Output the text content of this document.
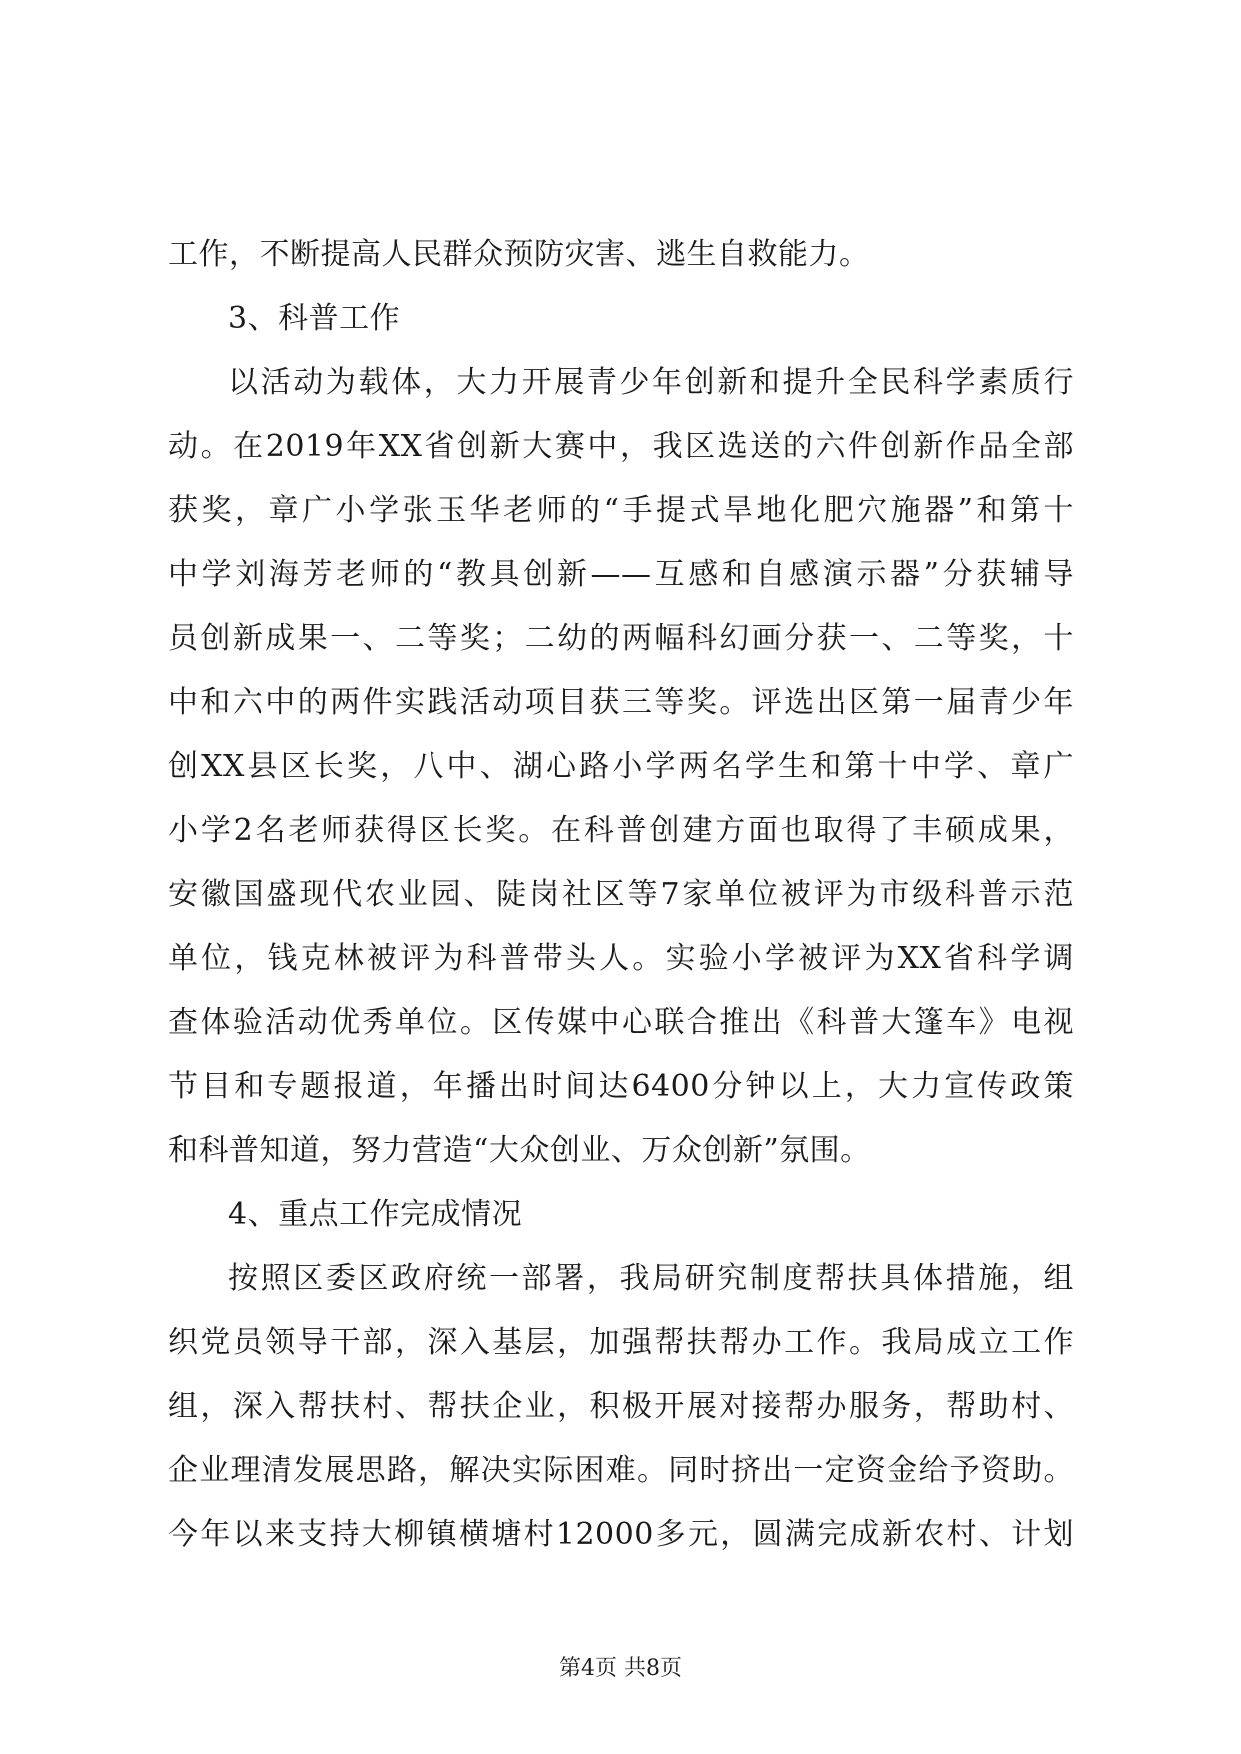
工作，不断提高人民群众预防灾害、逃生自救能力。
3、科普工作
以活动为载体，大力开展青少年创新和提升全民科学素质行
动。在2019年XX省创新大赛中，我区选送的六件创新作品全部
获奖，章广小学张玉华老师的“手提式旱地化肥穴施器”和第十
中学刘海芳老师的“教具创新——互感和自感演示器”分获辅导
员创新成果一、二等奖；二幼的两幅科幻画分获一、二等奖，十
中和六中的两件实践活动项目获三等奖。评选出区第一届青少年
创XX县区长奖，八中、湖心路小学两名学生和第十中学、章广
小学2名老师获得区长奖。在科普创建方面也取得了丰硕成果，
安徽国盛现代农业园、陡岗社区等7家单位被评为市级科普示范
单位，钱克林被评为科普带头人。实验小学被评为XX省科学调
查体验活动优秀单位。区传媒中心联合推出《科普大篷车》电视
节目和专题报道，年播出时间达6400分钟以上，大力宣传政策
和科普知道，努力营造“大众创业、万众创新”氛围。
4、重点工作完成情况
按照区委区政府统一部署，我局研究制度帮扶具体措施，组
织党员领导干部，深入基层，加强帮扶帮办工作。我局成立工作
组，深入帮扶村、帮扶企业，积极开展对接帮办服务，帮助村、
企业理清发展思路，解决实际困难。同时挤出一定资金给予资助。
今年以来支持大柳镇横塘村12000多元，圆满完成新农村、计划
第4页 共8页
